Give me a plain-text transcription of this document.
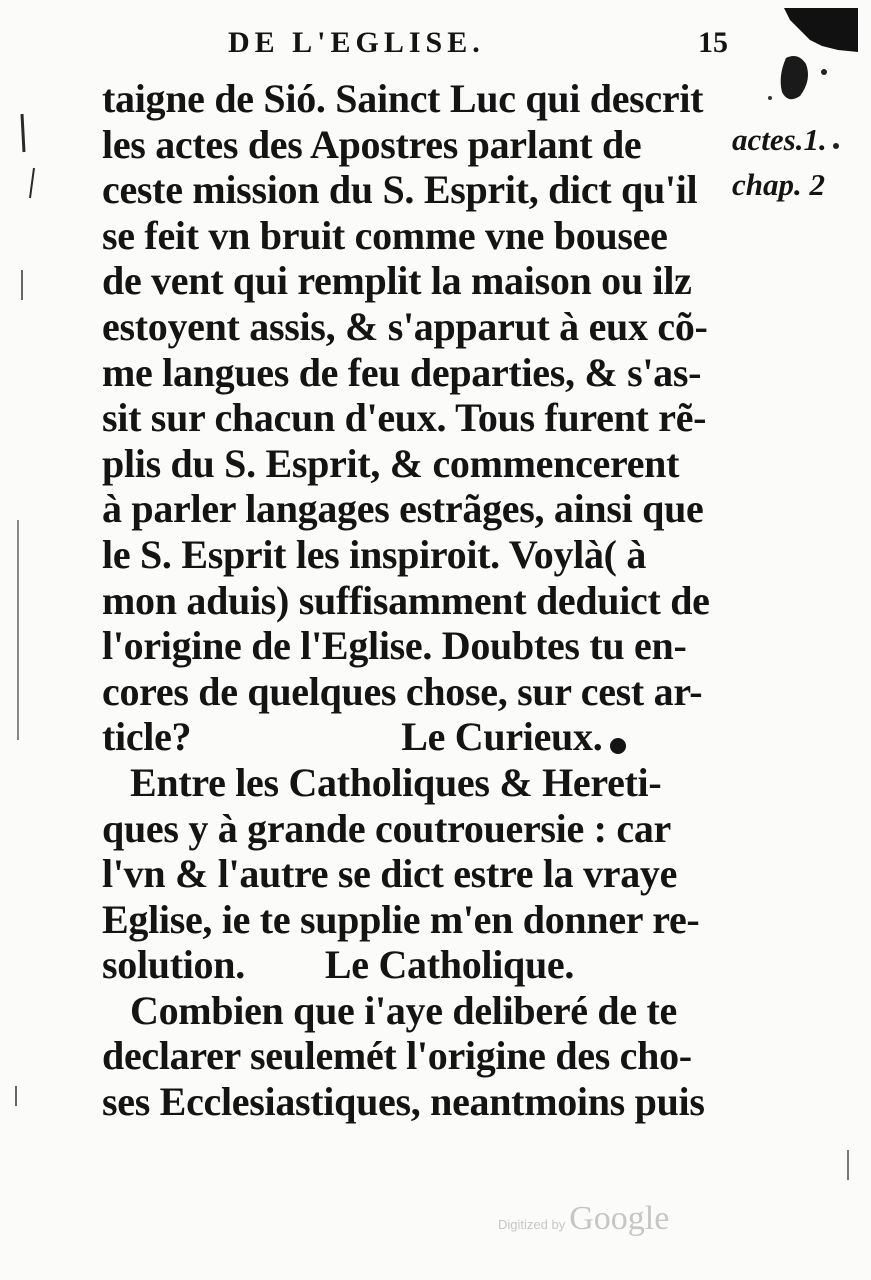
DE L'EGLISE.	15
taigne de Sió. Sainct Luc qui descrit
les actes des Apostres parlant de
ceste mission du S. Esprit, dict qu'il
se feit vn bruit comme vne bousee
de vent qui remplit la maison ou ilz
estoyent assis, & s'apparut à eux cõ-
me langues de feu departies, & s'as-
sit sur chacun d'eux. Tous furent rẽ-
plis du S. Esprit, & commencerent
à parler langages estrãges, ainsi que
le S. Esprit les inspiroit. Voylà( à
mon aduis) suffisamment deduict de
l'origine de l'Eglise. Doubtes tu en-
cores de quelques chose, sur cest ar-
ticle?	Le Curieux.
Entre les Catholiques & Hereti-
ques y à grande coutrouersie : car
l'vn & l'autre se dict estre la vraye
Eglise, ie te supplie m'en donner re-
solution. Le Catholique.
Combien que i'aye deliberé de te
declarer seulemét l'origine des cho-
ses Ecclesiastiques, neantmoins puis
actes.1.
chap. 2
Digitized by Google
